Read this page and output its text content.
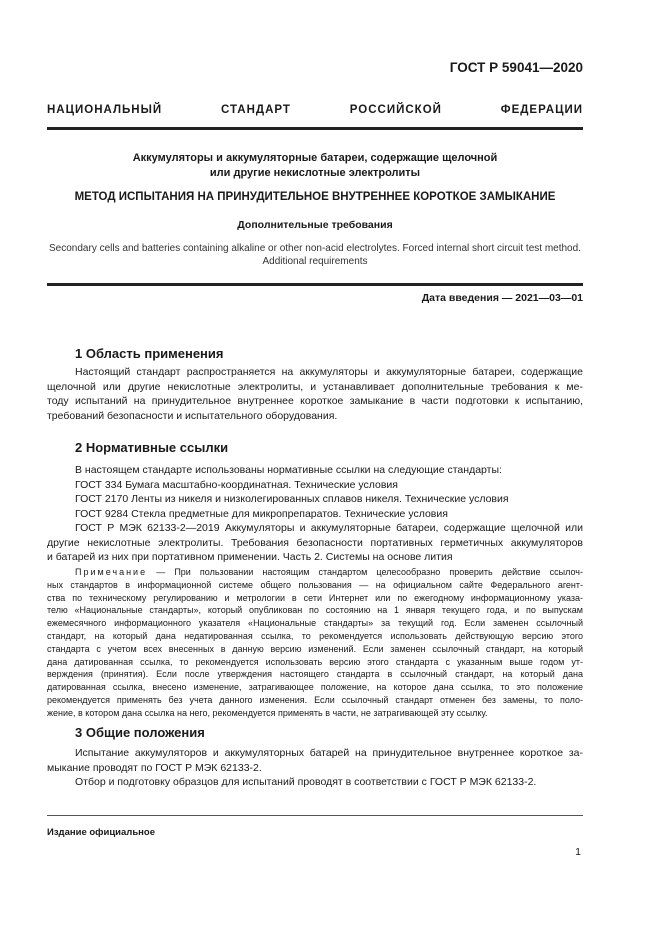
ГОСТ Р 59041—2020
НАЦИОНАЛЬНЫЙ СТАНДАРТ РОССИЙСКОЙ ФЕДЕРАЦИИ
Аккумуляторы и аккумуляторные батареи, содержащие щелочной
или другие некислотные электролиты
МЕТОД ИСПЫТАНИЯ НА ПРИНУДИТЕЛЬНОЕ ВНУТРЕННЕЕ КОРОТКОЕ ЗАМЫКАНИЕ
Дополнительные требования
Secondary cells and batteries containing alkaline or other non-acid electrolytes. Forced internal short circuit test method.
Additional requirements
Дата введения — 2021—03—01
1 Область применения
Настоящий стандарт распространяется на аккумуляторы и аккумуляторные батареи, содержащие
щелочной или другие некислотные электролиты, и устанавливает дополнительные требования к ме-
тоду испытаний на принудительное внутреннее короткое замыкание в части подготовки к испытанию,
требований безопасности и испытательного оборудования.
2 Нормативные ссылки
В настоящем стандарте использованы нормативные ссылки на следующие стандарты:
ГОСТ 334 Бумага масштабно-координатная. Технические условия
ГОСТ 2170 Ленты из никеля и низколегированных сплавов никеля. Технические условия
ГОСТ 9284 Стекла предметные для микропрепаратов. Технические условия
ГОСТ Р МЭК 62133-2—2019 Аккумуляторы и аккумуляторные батареи, содержащие щелочной или
другие некислотные электролиты. Требования безопасности портативных герметичных аккумуляторов
и батарей из них при портативном применении. Часть 2. Системы на основе лития
Примечание — При пользовании настоящим стандартом целесообразно проверить действие ссылоч-
ных стандартов в информационной системе общего пользования — на официальном сайте Федерального агент-
ства по техническому регулированию и метрологии в сети Интернет или по ежегодному информационному указа-
телю «Национальные стандарты», который опубликован по состоянию на 1 января текущего года, и по выпускам
ежемесячного информационного указателя «Национальные стандарты» за текущий год. Если заменен ссылочный
стандарт, на который дана недатированная ссылка, то рекомендуется использовать действующую версию этого
стандарта с учетом всех внесенных в данную версию изменений. Если заменен ссылочный стандарт, на который
дана датированная ссылка, то рекомендуется использовать версию этого стандарта с указанным выше годом ут-
верждения (принятия). Если после утверждения настоящего стандарта в ссылочный стандарт, на который дана
датированная ссылка, внесено изменение, затрагивающее положение, на которое дана ссылка, то это положение
рекомендуется применять без учета данного изменения. Если ссылочный стандарт отменен без замены, то поло-
жение, в котором дана ссылка на него, рекомендуется применять в части, не затрагивающей эту ссылку.
3 Общие положения
Испытание аккумуляторов и аккумуляторных батарей на принудительное внутреннее короткое за-
мыкание проводят по ГОСТ Р МЭК 62133-2.
Отбор и подготовку образцов для испытаний проводят в соответствии с ГОСТ Р МЭК 62133-2.
Издание официальное
1
